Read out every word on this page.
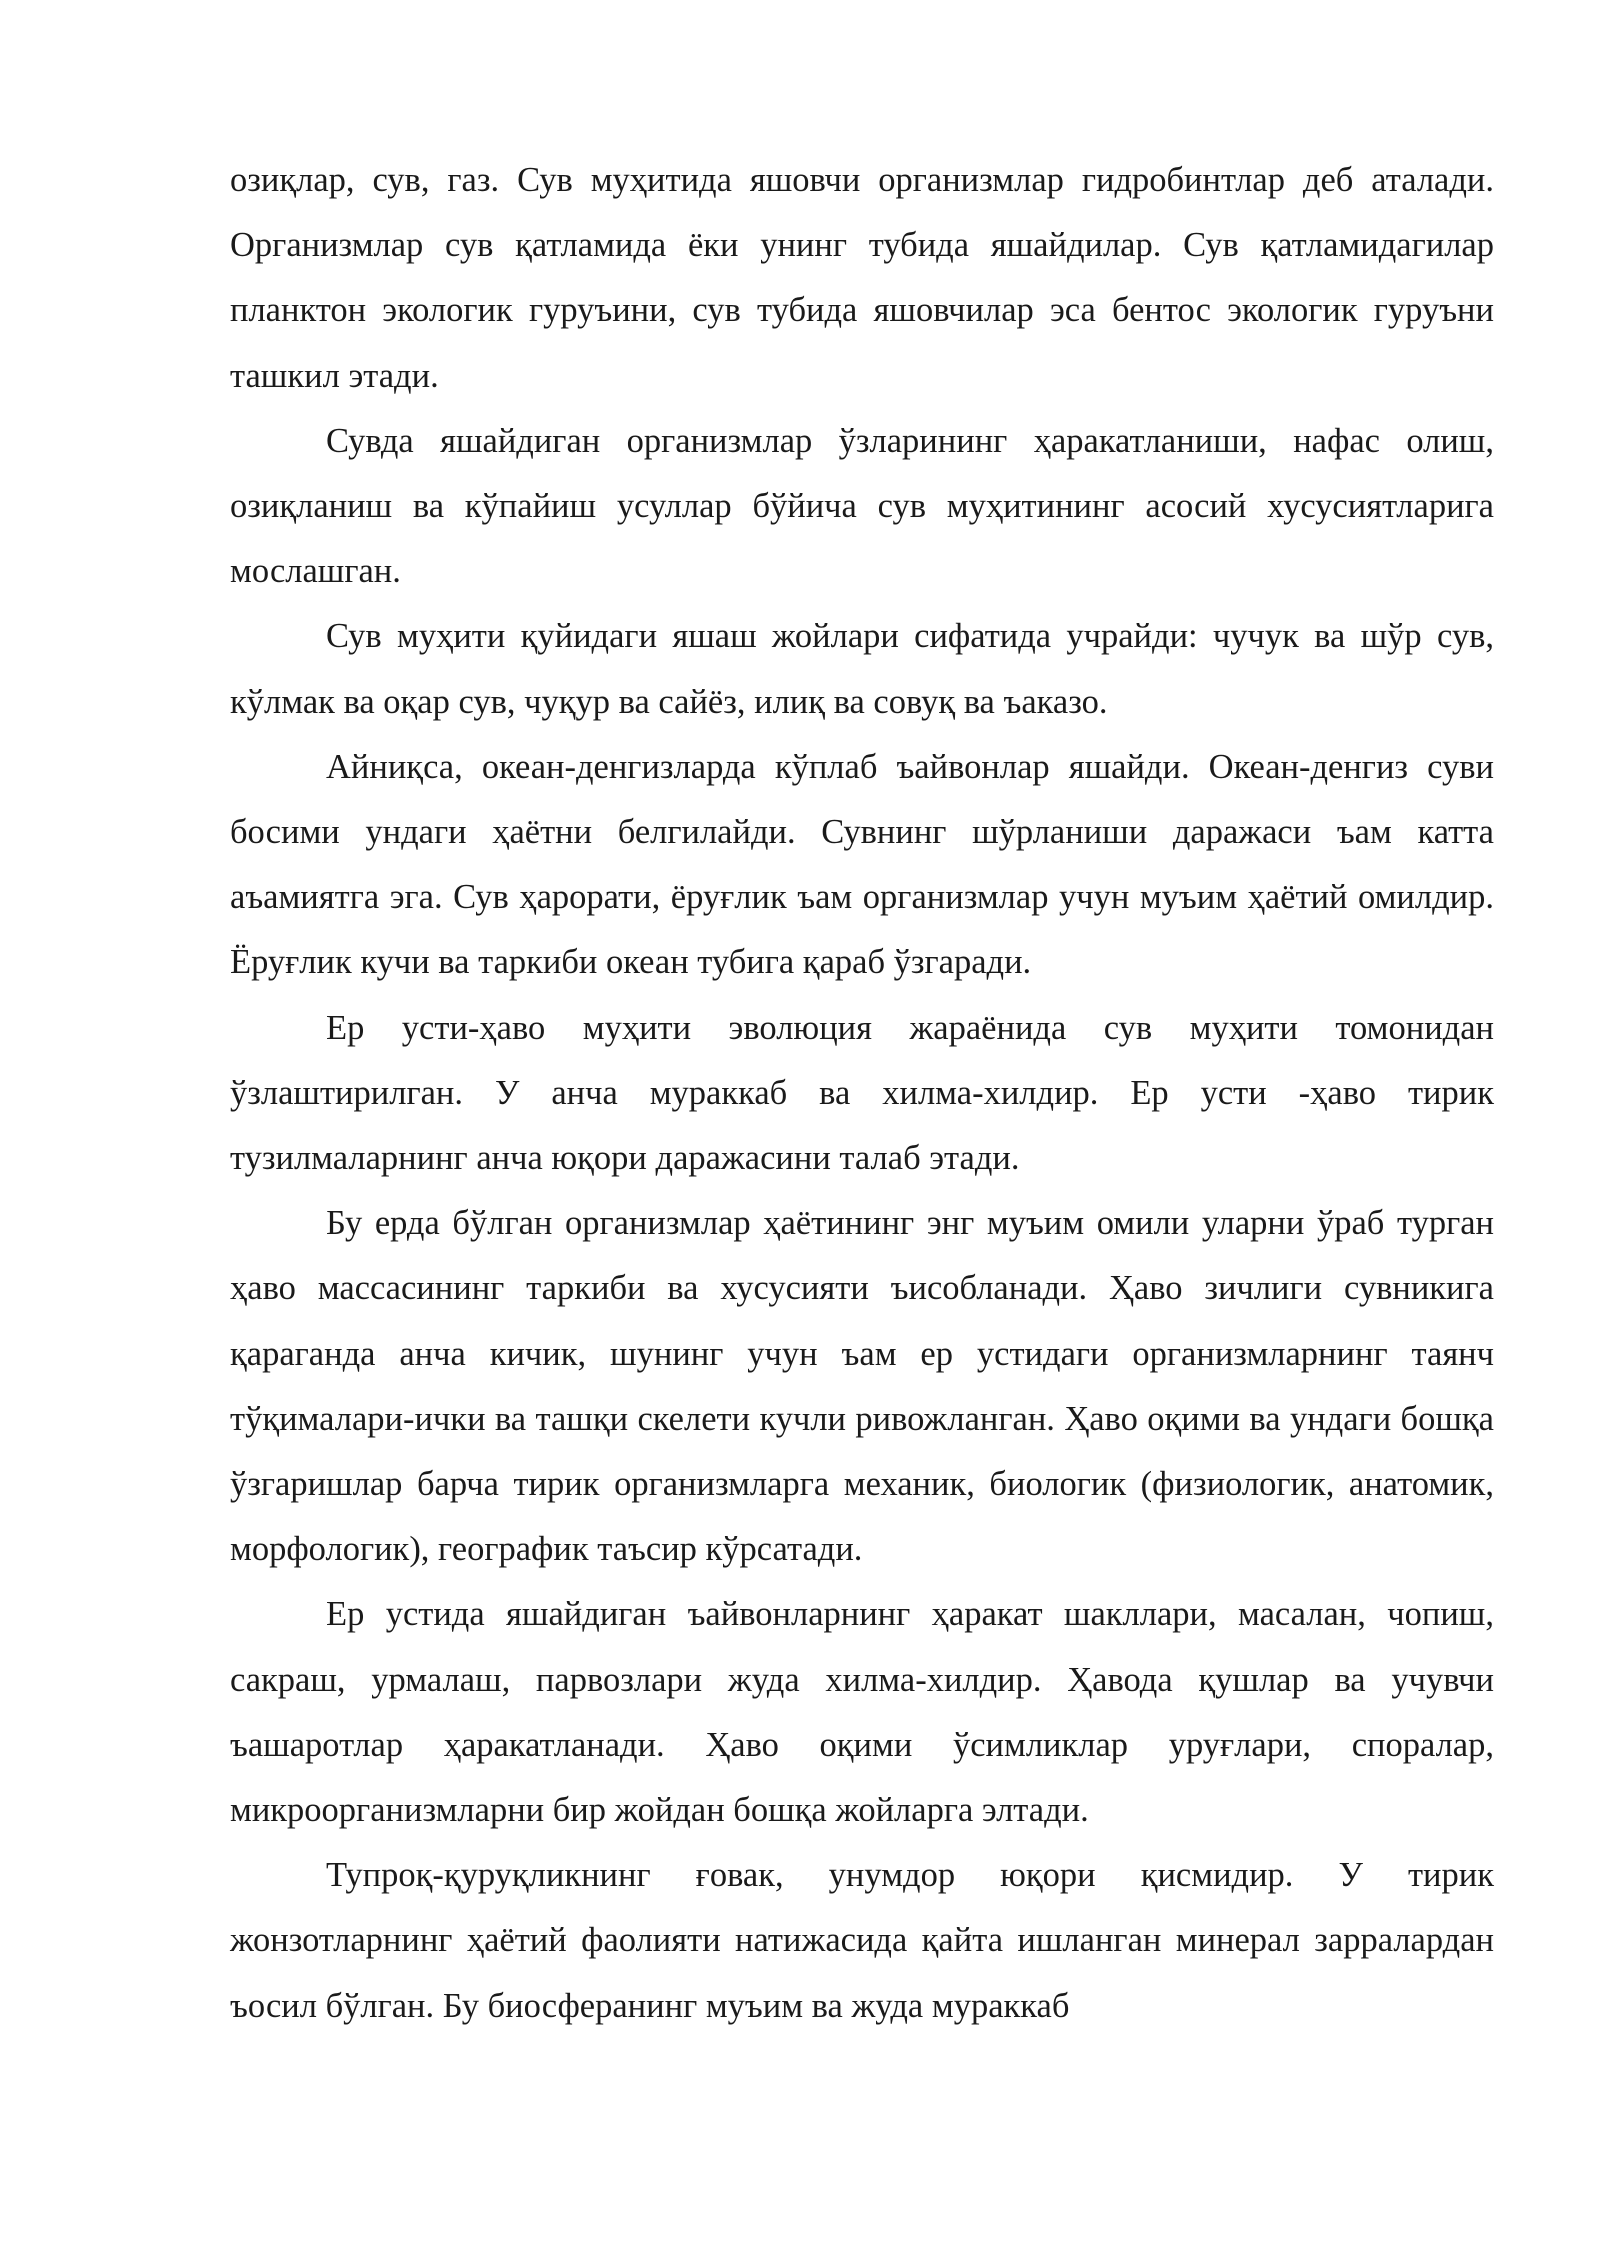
озиқлар, сув, газ. Сув муҳитида яшовчи организмлар гидробинтлар деб аталади. Организмлар сув қатламида ёки унинг тубида яшайдилар. Сув қатламидагилар планктон экологик гуруъини, сув тубида яшовчилар эса бентос экологик гуруъни ташкил этади.

Сувда яшайдиган организмлар ўзларининг ҳаракатланиши, нафас олиш, озиқланиш ва кўпайиш усуллар бўйича сув муҳитининг асосий хусусиятларига мослашган.

Сув муҳити қуйидаги яшаш жойлари сифатида учрайди: чучук ва шўр сув, кўлмак ва оқар сув, чуқур ва сайёз, илиқ ва совуқ ва ъаказо.

Айниқса, океан-денгизларда кўплаб ъайвонлар яшайди. Океан-денгиз суви босими ундаги ҳаётни белгилайди. Сувнинг шўрланиши даражаси ъам катта аъамиятга эга. Сув ҳарорати, ёруғлик ъам организмлар учун муъим ҳаётий омилдир. Ёруғлик кучи ва таркиби океан тубига қараб ўзгаради.

Ер усти-ҳаво муҳити эволюция жараёнида сув муҳити томонидан ўзлаштирилган. У анча мураккаб ва хилма-хилдир. Ер усти -ҳаво тирик тузилмаларнинг анча юқори даражасини талаб этади.

Бу ерда бўлган организмлар ҳаётининг энг муъим омили уларни ўраб турган ҳаво массасининг таркиби ва хусусияти ъисобланади. Ҳаво зичлиги сувникига қараганда анча кичик, шунинг учун ъам ер устидаги организмларнинг таянч тўқималари-ички ва ташқи скелети кучли ривожланган. Ҳаво оқими ва ундаги бошқа ўзгаришлар барча тирик организмларга механик, биологик (физиологик, анатомик, морфологик), географик таъсир кўрсатади.

Ер устида яшайдиган ъайвонларнинг ҳаракат шакллари, масалан, чопиш, сакраш, урмалаш, парвозлари жуда хилма-хилдир. Ҳавода қушлар ва учувчи ъашаротлар ҳаракатланади. Ҳаво оқими ўсимликлар уруғлари, споралар, микроорганизмларни бир жойдан бошқа жойларга элтади.

Тупроқ-қуруқликнинг ғовак, унумдор юқори қисмидир. У тирик жонзотларнинг ҳаётий фаолияти натижасида қайта ишланган минерал зарралардан ъосил бўлган. Бу биосферанинг муъим ва жуда мураккаб
